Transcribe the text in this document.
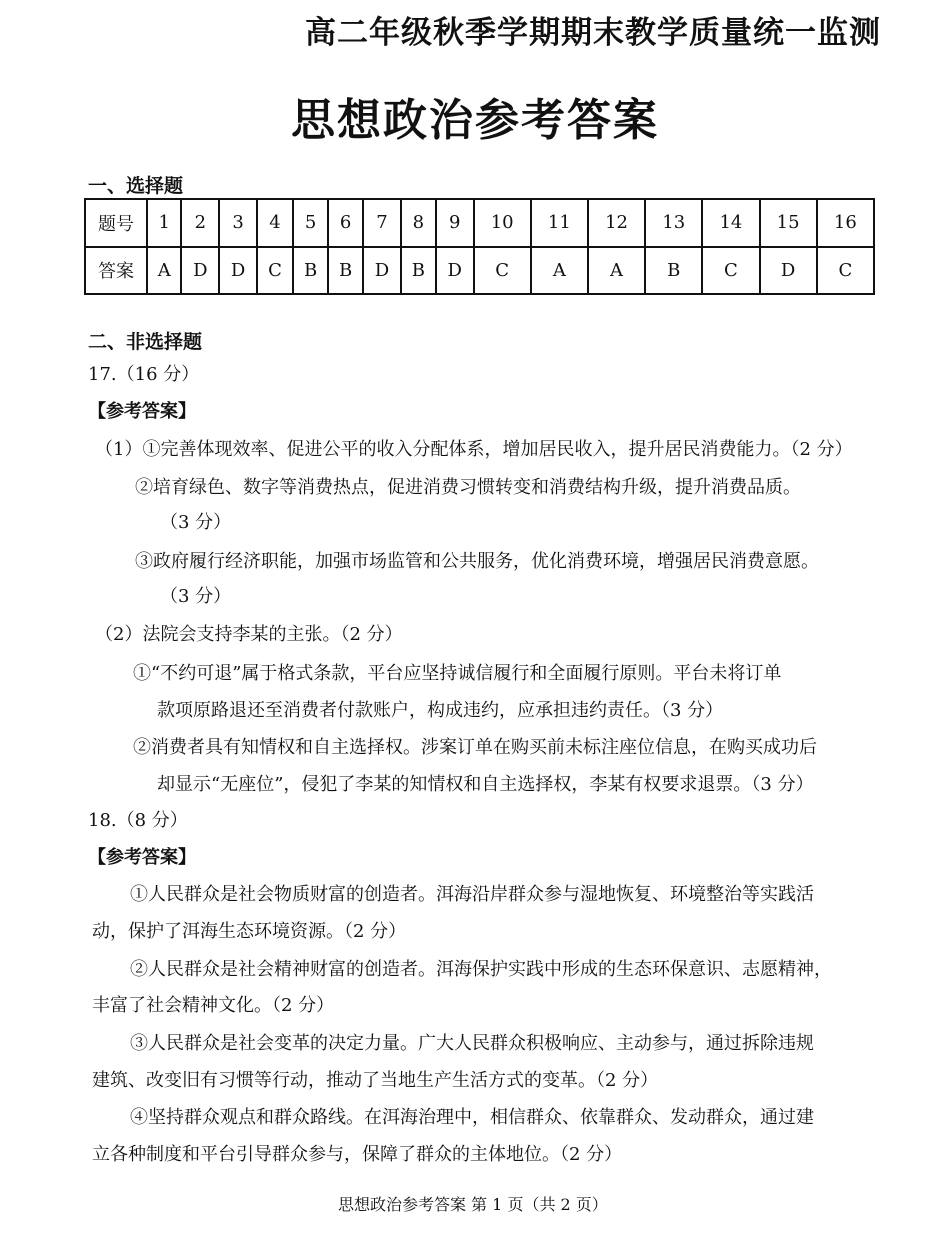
高二年级秋季学期期末教学质量统一监测
思想政治参考答案
一、选择题
题号	1	2	3	4	5	6	7	8	9	10	11	12	13	14	15	16
答案	A	D	D	C	B	B	D	B	D	C	A	A	B	C	D	C
二、非选择题
17.（16 分）
【参考答案】
（1）①完善体现效率、促进公平的收入分配体系，增加居民收入，提升居民消费能力。（2 分）
②培育绿色、数字等消费热点，促进消费习惯转变和消费结构升级，提升消费品质。
（3 分）
③政府履行经济职能，加强市场监管和公共服务，优化消费环境，增强居民消费意愿。
（3 分）
（2）法院会支持李某的主张。（2 分）
①“不约可退”属于格式条款，平台应坚持诚信履行和全面履行原则。平台未将订单
款项原路退还至消费者付款账户，构成违约，应承担违约责任。（3 分）
②消费者具有知情权和自主选择权。涉案订单在购买前未标注座位信息，在购买成功后
却显示“无座位”，侵犯了李某的知情权和自主选择权，李某有权要求退票。（3 分）
18.（8 分）
【参考答案】
①人民群众是社会物质财富的创造者。洱海沿岸群众参与湿地恢复、环境整治等实践活
动，保护了洱海生态环境资源。（2 分）
②人民群众是社会精神财富的创造者。洱海保护实践中形成的生态环保意识、志愿精神，
丰富了社会精神文化。（2 分）
③人民群众是社会变革的决定力量。广大人民群众积极响应、主动参与，通过拆除违规
建筑、改变旧有习惯等行动，推动了当地生产生活方式的变革。（2 分）
④坚持群众观点和群众路线。在洱海治理中，相信群众、依靠群众、发动群众，通过建
立各种制度和平台引导群众参与，保障了群众的主体地位。（2 分）
思想政治参考答案 第 1 页（共 2 页）
